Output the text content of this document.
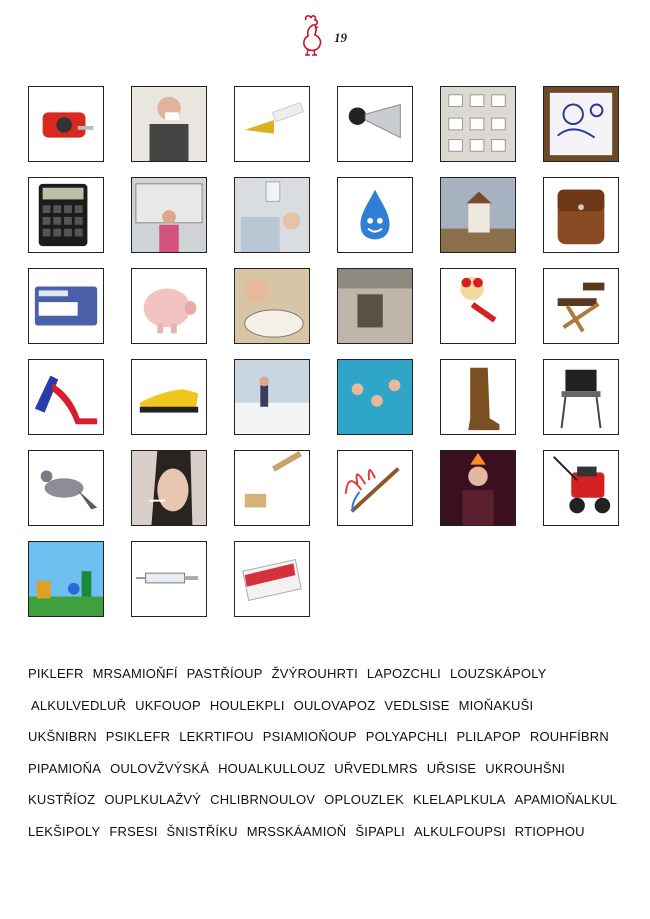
19
PIKLEFR MRSAMIOŇFÍ PASTŘÍOUP ŽVÝROUHRTI LAPOZCHLI LOUZSKÁPOLY
ALKULVEDLUŘ UKFOUOP HOULEKPLI OULOVAPOZ VEDLSISE MIOŇAKUŠI
UKŠNIBRN PSIKLEFR LEKRTIFOU PSIAMIOŇOUP POLYAPCHLI PLILAPOP ROUHFÍBRN
PIPAMIOŇA OULOVŽVÝSKÁ HOUALKULLOUZ UŘVEDLMRS UŘSISE UKROUHŠNI
KUSTŘÍOZ OUPLKULAŽVÝ CHLIBRNOULOV OPLOUZLEK KLELAPLKULA APAMIOŇALKUL
LEKŠIPOLY FRSESI ŠNISTŘÍKU MRSSKÁAMIOŇ ŠIPAPLI ALKULFOUPSI RTIOPHOU
